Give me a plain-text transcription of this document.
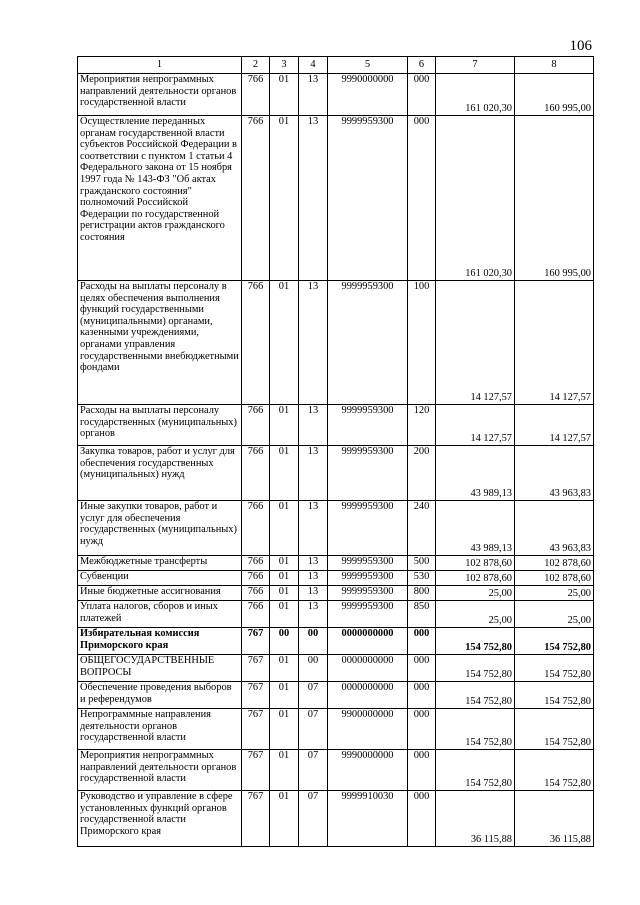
106
1	2	3	4	5	6	7	8
Мероприятия непрограммных направлений деятельности органов государственной власти	766	01	13	9990000000	000	161 020,30	160 995,00
Осуществление переданных органам государственной власти субъектов Российской Федерации в соответствии с пунктом 1 статьи 4 Федерального закона от 15 ноября 1997 года № 143-ФЗ "Об актах гражданского состояния" полномочий Российской Федерации по государственной регистрации актов гражданского состояния	766	01	13	9999959300	000	161 020,30	160 995,00
Расходы на выплаты персоналу в целях обеспечения выполнения функций государственными (муниципальными) органами, казенными учреждениями, органами управления государственными внебюджетными фондами	766	01	13	9999959300	100	14 127,57	14 127,57
Расходы на выплаты персоналу государственных (муниципальных) органов	766	01	13	9999959300	120	14 127,57	14 127,57
Закупка товаров, работ и услуг для обеспечения государственных (муниципальных) нужд	766	01	13	9999959300	200	43 989,13	43 963,83
Иные закупки товаров, работ и услуг для обеспечения государственных (муниципальных) нужд	766	01	13	9999959300	240	43 989,13	43 963,83
Межбюджетные трансферты	766	01	13	9999959300	500	102 878,60	102 878,60
Субвенции	766	01	13	9999959300	530	102 878,60	102 878,60
Иные бюджетные ассигнования	766	01	13	9999959300	800	25,00	25,00
Уплата налогов, сборов и иных платежей	766	01	13	9999959300	850	25,00	25,00
Избирательная комиссия Приморского края	767	00	00	0000000000	000	154 752,80	154 752,80
ОБЩЕГОСУДАРСТВЕННЫЕ ВОПРОСЫ	767	01	00	0000000000	000	154 752,80	154 752,80
Обеспечение проведения выборов и референдумов	767	01	07	0000000000	000	154 752,80	154 752,80
Непрограммные направления деятельности органов государственной власти	767	01	07	9900000000	000	154 752,80	154 752,80
Мероприятия непрограммных направлений деятельности органов государственной власти	767	01	07	9990000000	000	154 752,80	154 752,80
Руководство и управление в сфере установленных функций органов государственной власти Приморского края	767	01	07	9999910030	000	36 115,88	36 115,88
